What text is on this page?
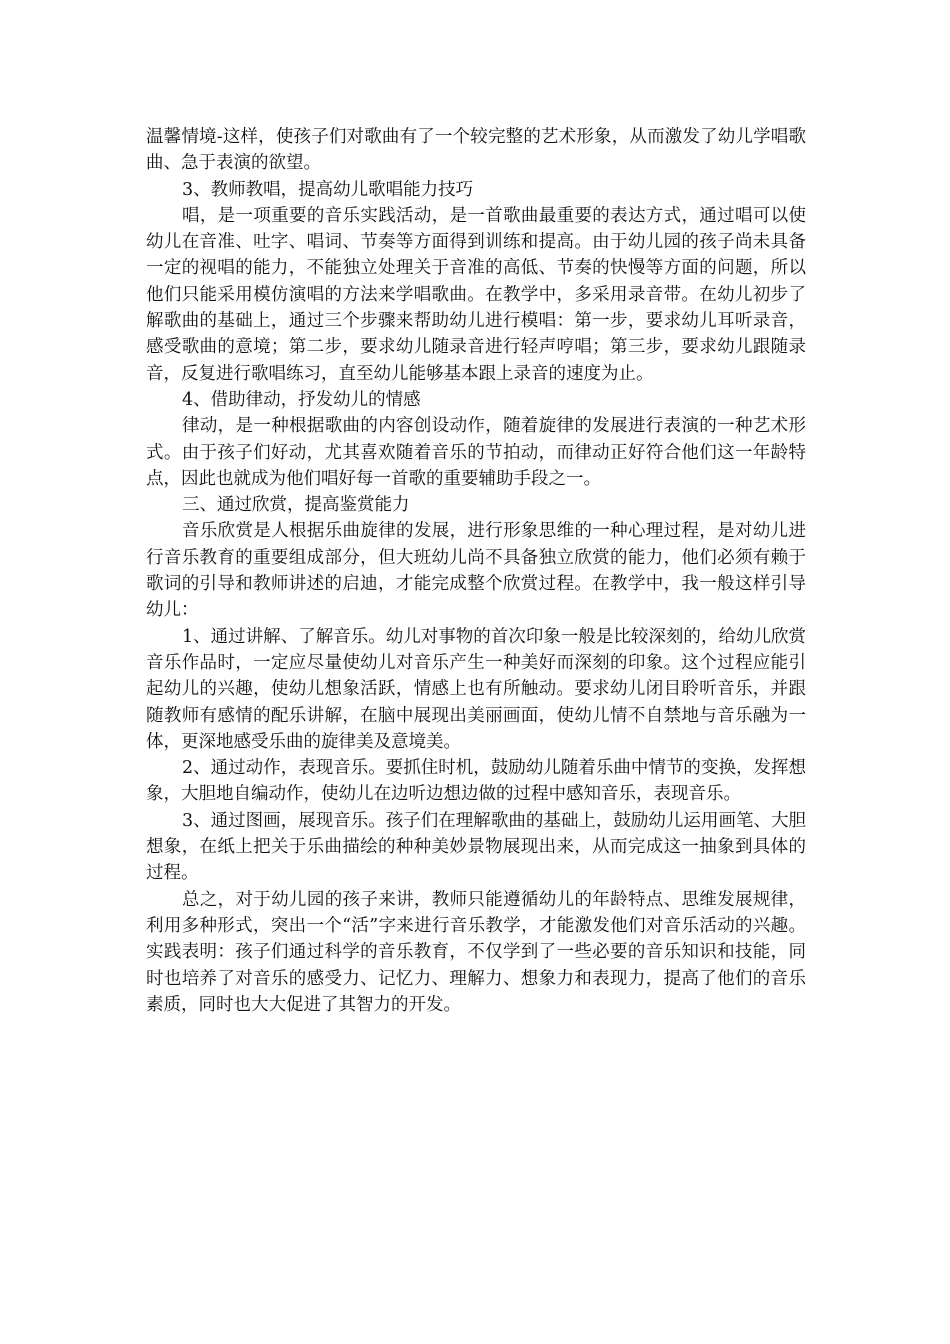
温馨情境-这样，使孩子们对歌曲有了一个较完整的艺术形象，从而激发了幼儿学唱歌曲、急于表演的欲望。

3、教师教唱，提高幼儿歌唱能力技巧

唱，是一项重要的音乐实践活动，是一首歌曲最重要的表达方式，通过唱可以使幼儿在音准、吐字、唱词、节奏等方面得到训练和提高。由于幼儿园的孩子尚未具备一定的视唱的能力，不能独立处理关于音准的高低、节奏的快慢等方面的问题，所以他们只能采用模仿演唱的方法来学唱歌曲。在教学中，多采用录音带。在幼儿初步了解歌曲的基础上，通过三个步骤来帮助幼儿进行模唱：第一步，要求幼儿耳听录音，感受歌曲的意境；第二步，要求幼儿随录音进行轻声哼唱；第三步，要求幼儿跟随录音，反复进行歌唱练习，直至幼儿能够基本跟上录音的速度为止。

4、借助律动，抒发幼儿的情感

律动，是一种根据歌曲的内容创设动作，随着旋律的发展进行表演的一种艺术形式。由于孩子们好动，尤其喜欢随着音乐的节拍动，而律动正好符合他们这一年龄特点，因此也就成为他们唱好每一首歌的重要辅助手段之一。

三、通过欣赏，提高鉴赏能力

音乐欣赏是人根据乐曲旋律的发展，进行形象思维的一种心理过程，是对幼儿进行音乐教育的重要组成部分，但大班幼儿尚不具备独立欣赏的能力，他们必须有赖于歌词的引导和教师讲述的启迪，才能完成整个欣赏过程。在教学中，我一般这样引导幼儿：

1、通过讲解、了解音乐。幼儿对事物的首次印象一般是比较深刻的，给幼儿欣赏音乐作品时，一定应尽量使幼儿对音乐产生一种美好而深刻的印象。这个过程应能引起幼儿的兴趣，使幼儿想象活跃，情感上也有所触动。要求幼儿闭目聆听音乐，并跟随教师有感情的配乐讲解，在脑中展现出美丽画面，使幼儿情不自禁地与音乐融为一体，更深地感受乐曲的旋律美及意境美。

2、通过动作，表现音乐。要抓住时机，鼓励幼儿随着乐曲中情节的变换，发挥想象，大胆地自编动作，使幼儿在边听边想边做的过程中感知音乐，表现音乐。

3、通过图画，展现音乐。孩子们在理解歌曲的基础上，鼓励幼儿运用画笔、大胆想象，在纸上把关于乐曲描绘的种种美妙景物展现出来，从而完成这一抽象到具体的过程。

总之，对于幼儿园的孩子来讲，教师只能遵循幼儿的年龄特点、思维发展规律，利用多种形式，突出一个“活”字来进行音乐教学，才能激发他们对音乐活动的兴趣。实践表明：孩子们通过科学的音乐教育，不仅学到了一些必要的音乐知识和技能，同时也培养了对音乐的感受力、记忆力、理解力、想象力和表现力，提高了他们的音乐素质，同时也大大促进了其智力的开发。
